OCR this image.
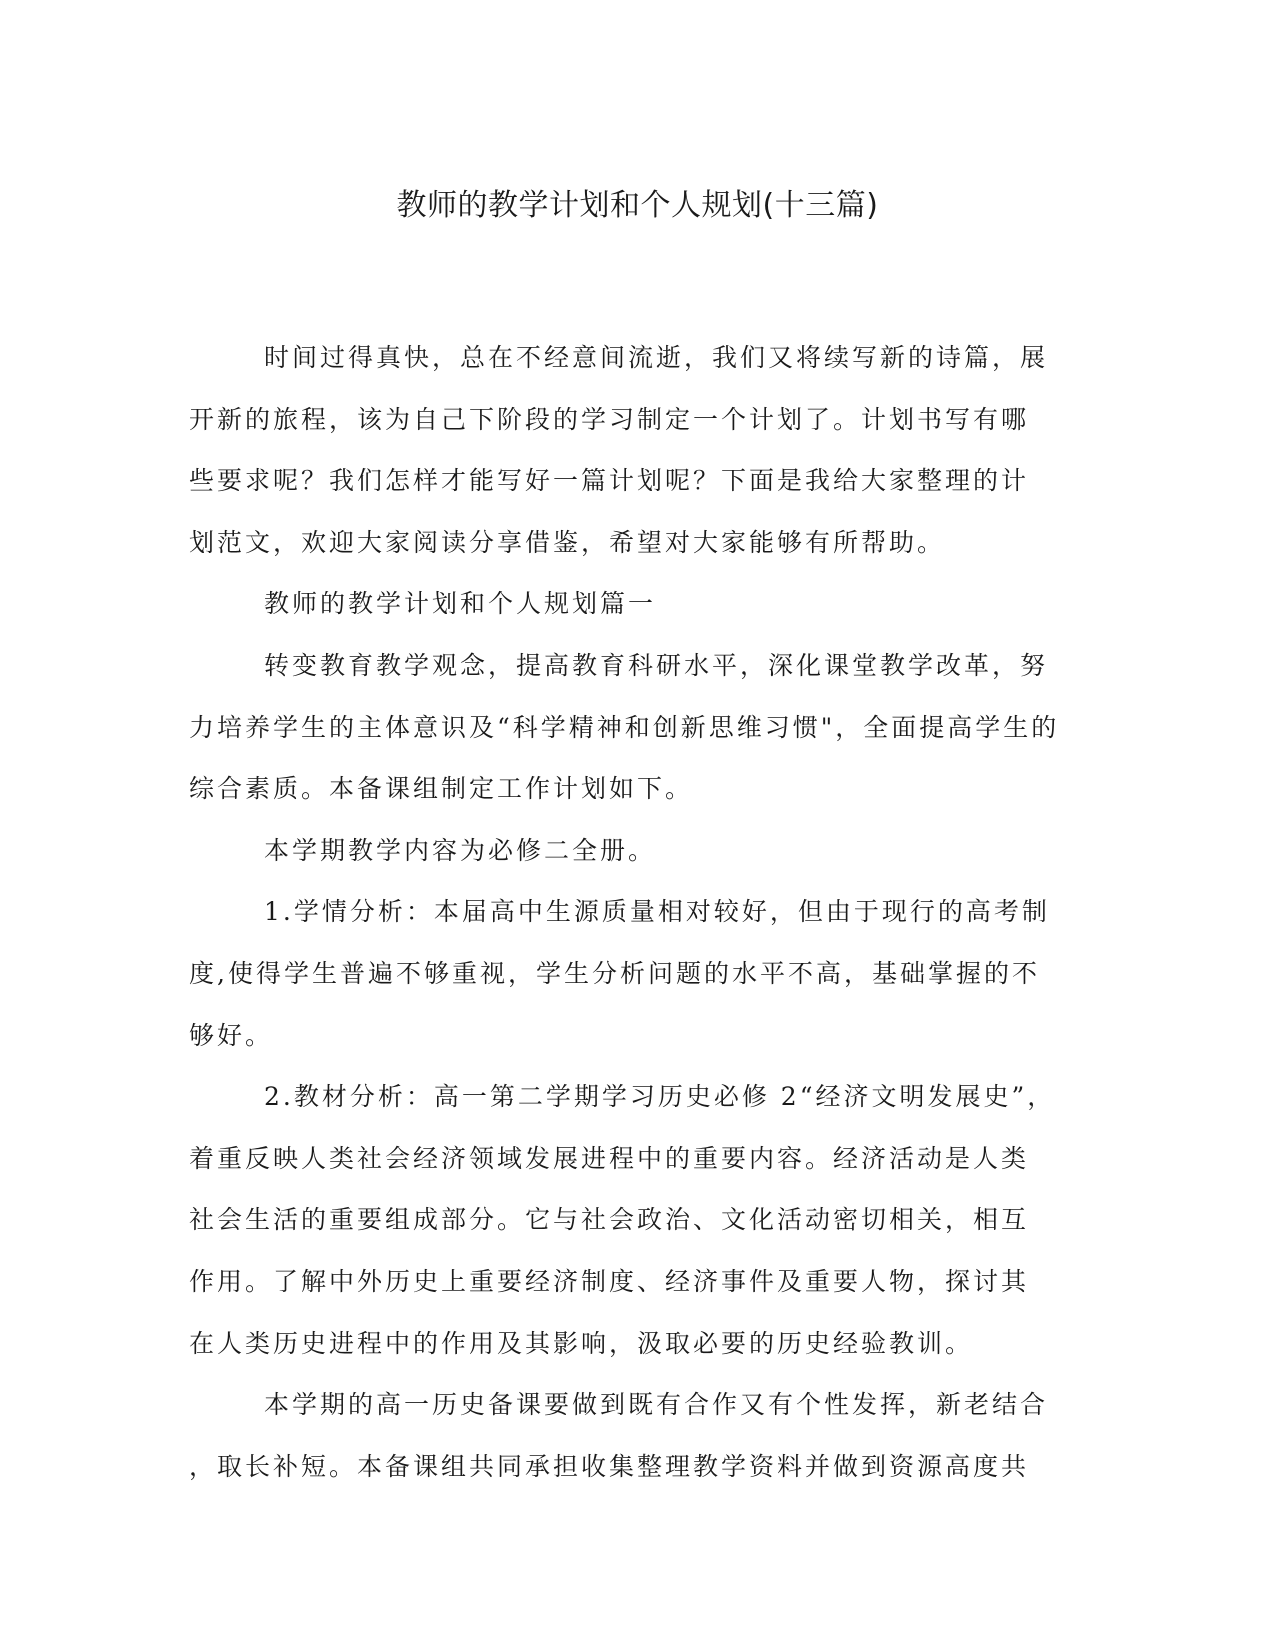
教师的教学计划和个人规划(十三篇)

时间过得真快，总在不经意间流逝，我们又将续写新的诗篇，展
开新的旅程，该为自己下阶段的学习制定一个计划了。计划书写有哪
些要求呢？我们怎样才能写好一篇计划呢？下面是我给大家整理的计
划范文，欢迎大家阅读分享借鉴，希望对大家能够有所帮助。

教师的教学计划和个人规划篇一

转变教育教学观念，提高教育科研水平，深化课堂教学改革，努
力培养学生的主体意识及“科学精神和创新思维习惯"，全面提高学生的
综合素质。本备课组制定工作计划如下。

本学期教学内容为必修二全册。

1.学情分析：本届高中生源质量相对较好，但由于现行的高考制
度,使得学生普遍不够重视，学生分析问题的水平不高，基础掌握的不
够好。

2.教材分析：高一第二学期学习历史必修 2“经济文明发展史”，
着重反映人类社会经济领域发展进程中的重要内容。经济活动是人类
社会生活的重要组成部分。它与社会政治、文化活动密切相关，相互
作用。了解中外历史上重要经济制度、经济事件及重要人物，探讨其
在人类历史进程中的作用及其影响，汲取必要的历史经验教训。

本学期的高一历史备课要做到既有合作又有个性发挥，新老结合
，取长补短。本备课组共同承担收集整理教学资料并做到资源高度共
